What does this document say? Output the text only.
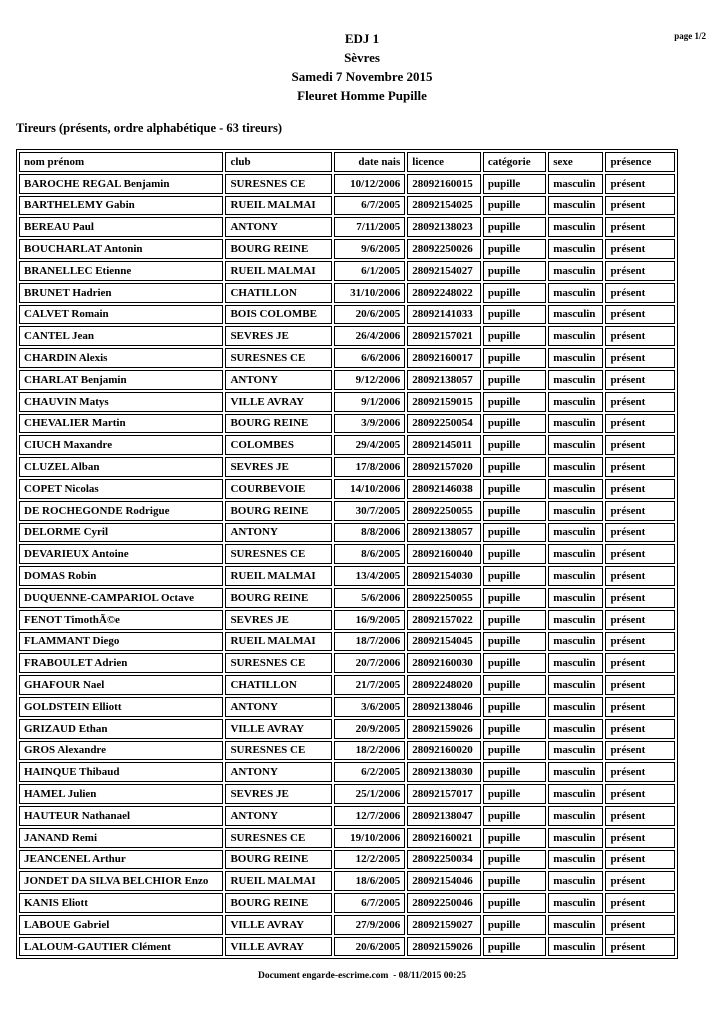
page 1/2
EDJ 1
Sèvres
Samedi 7 Novembre 2015
Fleuret Homme Pupille
Tireurs (présents, ordre alphabétique - 63 tireurs)
nom prénom	club	date nais	licence	catégorie	sexe	présence
BAROCHE REGAL Benjamin	SURESNES CE	10/12/2006	28092160015	pupille	masculin	présent
BARTHELEMY Gabin	RUEIL MALMAI	6/7/2005	28092154025	pupille	masculin	présent
BEREAU Paul	ANTONY	7/11/2005	28092138023	pupille	masculin	présent
BOUCHARLAT Antonin	BOURG REINE	9/6/2005	28092250026	pupille	masculin	présent
BRANELLEC Etienne	RUEIL MALMAI	6/1/2005	28092154027	pupille	masculin	présent
BRUNET Hadrien	CHATILLON	31/10/2006	28092248022	pupille	masculin	présent
CALVET Romain	BOIS COLOMBE	20/6/2005	28092141033	pupille	masculin	présent
CANTEL Jean	SEVRES JE	26/4/2006	28092157021	pupille	masculin	présent
CHARDIN Alexis	SURESNES CE	6/6/2006	28092160017	pupille	masculin	présent
CHARLAT Benjamin	ANTONY	9/12/2006	28092138057	pupille	masculin	présent
CHAUVIN Matys	VILLE AVRAY	9/1/2006	28092159015	pupille	masculin	présent
CHEVALIER Martin	BOURG REINE	3/9/2006	28092250054	pupille	masculin	présent
CIUCH Maxandre	COLOMBES	29/4/2005	28092145011	pupille	masculin	présent
CLUZEL Alban	SEVRES JE	17/8/2006	28092157020	pupille	masculin	présent
COPET Nicolas	COURBEVOIE	14/10/2006	28092146038	pupille	masculin	présent
DE ROCHEGONDE Rodrigue	BOURG REINE	30/7/2005	28092250055	pupille	masculin	présent
DELORME Cyril	ANTONY	8/8/2006	28092138057	pupille	masculin	présent
DEVARIEUX Antoine	SURESNES CE	8/6/2005	28092160040	pupille	masculin	présent
DOMAS Robin	RUEIL MALMAI	13/4/2005	28092154030	pupille	masculin	présent
DUQUENNE-CAMPARIOL Octave	BOURG REINE	5/6/2006	28092250055	pupille	masculin	présent
FENOT TimothÃ©e	SEVRES JE	16/9/2005	28092157022	pupille	masculin	présent
FLAMMANT Diego	RUEIL MALMAI	18/7/2006	28092154045	pupille	masculin	présent
FRABOULET Adrien	SURESNES CE	20/7/2006	28092160030	pupille	masculin	présent
GHAFOUR Nael	CHATILLON	21/7/2005	28092248020	pupille	masculin	présent
GOLDSTEIN Elliott	ANTONY	3/6/2005	28092138046	pupille	masculin	présent
GRIZAUD Ethan	VILLE AVRAY	20/9/2005	28092159026	pupille	masculin	présent
GROS Alexandre	SURESNES CE	18/2/2006	28092160020	pupille	masculin	présent
HAINQUE Thibaud	ANTONY	6/2/2005	28092138030	pupille	masculin	présent
HAMEL Julien	SEVRES JE	25/1/2006	28092157017	pupille	masculin	présent
HAUTEUR Nathanael	ANTONY	12/7/2006	28092138047	pupille	masculin	présent
JANAND Remi	SURESNES CE	19/10/2006	28092160021	pupille	masculin	présent
JEANCENEL Arthur	BOURG REINE	12/2/2005	28092250034	pupille	masculin	présent
JONDET DA SILVA BELCHIOR Enzo	RUEIL MALMAI	18/6/2005	28092154046	pupille	masculin	présent
KANIS Eliott	BOURG REINE	6/7/2005	28092250046	pupille	masculin	présent
LABOUE Gabriel	VILLE AVRAY	27/9/2006	28092159027	pupille	masculin	présent
LALOUM-GAUTIER Clément	VILLE AVRAY	20/6/2005	28092159026	pupille	masculin	présent
Document engarde-escrime.com  - 08/11/2015 00:25
